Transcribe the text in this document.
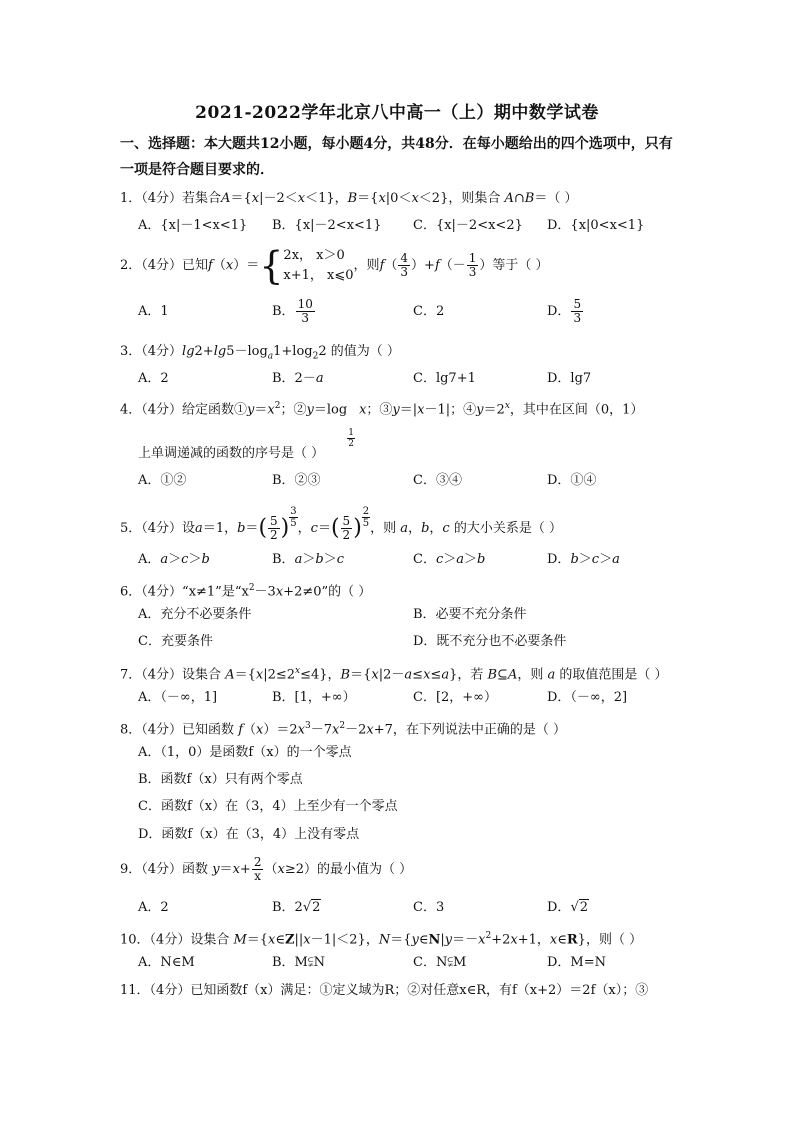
2021-2022学年北京八中高一（上）期中数学试卷
一、选择题：本大题共12小题，每小题4分，共48分．在每小题给出的四个选项中，只有一项是符合题目要求的．
1．（4分）若集合A＝{x|－2＜x＜1}，B＝{x|0＜x＜2}，则集合 A∩B＝（ ）
A．{x|－1<x<1} B．{x|－2<x<1} C．{x|－2<x<2} D．{x|0<x<1}
2．（4分）已知f（x）＝{ 2x， x＞0
x+1， x⩽0
，则$f( \frac{4}{3} )+f(- \frac{1}{3}$ ）等于（ ）
A．1	B． $\frac{10}{3}$	C．2	D． $\frac{5}{3}$
3．（4分）$\lg 2+\lg 5-\log_a1+\log_22$ 的值为（ ）
A．2	B．2－a	C．lg7+1	D．lg7
4．（4分）给定函数$①y=x^2$；②y＝log
$\frac{1}{2}$
x；③y＝|x－1|；$④y=2^x$，其中在区间（0，1）
上单调递减的函数的序号是（ ）
A．①②	B．②③	C．③④	D．①④
5．（4分）设a＝1，$b=( \frac{5}{2}$ ) $\frac{3}{5}$ ，$c=( \frac{5}{2}$ ) $\frac{2}{5}$ ，则 a，b，c 的大小关系是（ ）
A．a＞c＞b	B．a＞b＞c	C．c＞a＞b	D．b＞c＞a
6．（4分）“x≠1”是“$x^2-3x+2\ne 0$”的（ ）
A．充分不必要条件	B．必要不充分条件
C．充要条件	D．既不充分也不必要条件
7．（4分）设集合 $A=\{x|2\le 2^x\le 4\}$，B＝{x|2－a≤x≤a}，若 B⊆A，则 a 的取值范围是（ ）
A．（－∞，1]	B．[1，+∞）	C．[2，+∞）	D．（－∞，2]
8．（4分）已知函数 $f(x)=2x^3-7x^2-2x+7$，在下列说法中正确的是（ ）
A．（1，0）是函数f（x）的一个零点
B．函数f（x）只有两个零点
C．函数f（x）在（3，4）上至少有一个零点
D．函数f（x）在（3，4）上没有零点
9．（4分）函数 $y=x+ \frac{2}{x} (x\ge 2)$的最小值为（ ）
A．2	B．2√2	C．3	D．√2
10．（4分）设集合 M＝{x∈Z||x－1|＜2}，$N=\{y\in N|y=-x^2+2x+1$，x∈R}，则（ ）
A．N∈M	B．M⫋N	C．N⫋M	D．M=N
11．（4分）已知函数f（x）满足：①定义域为R；②对任意x∈R，有f（x+2）＝2f（x）；③
